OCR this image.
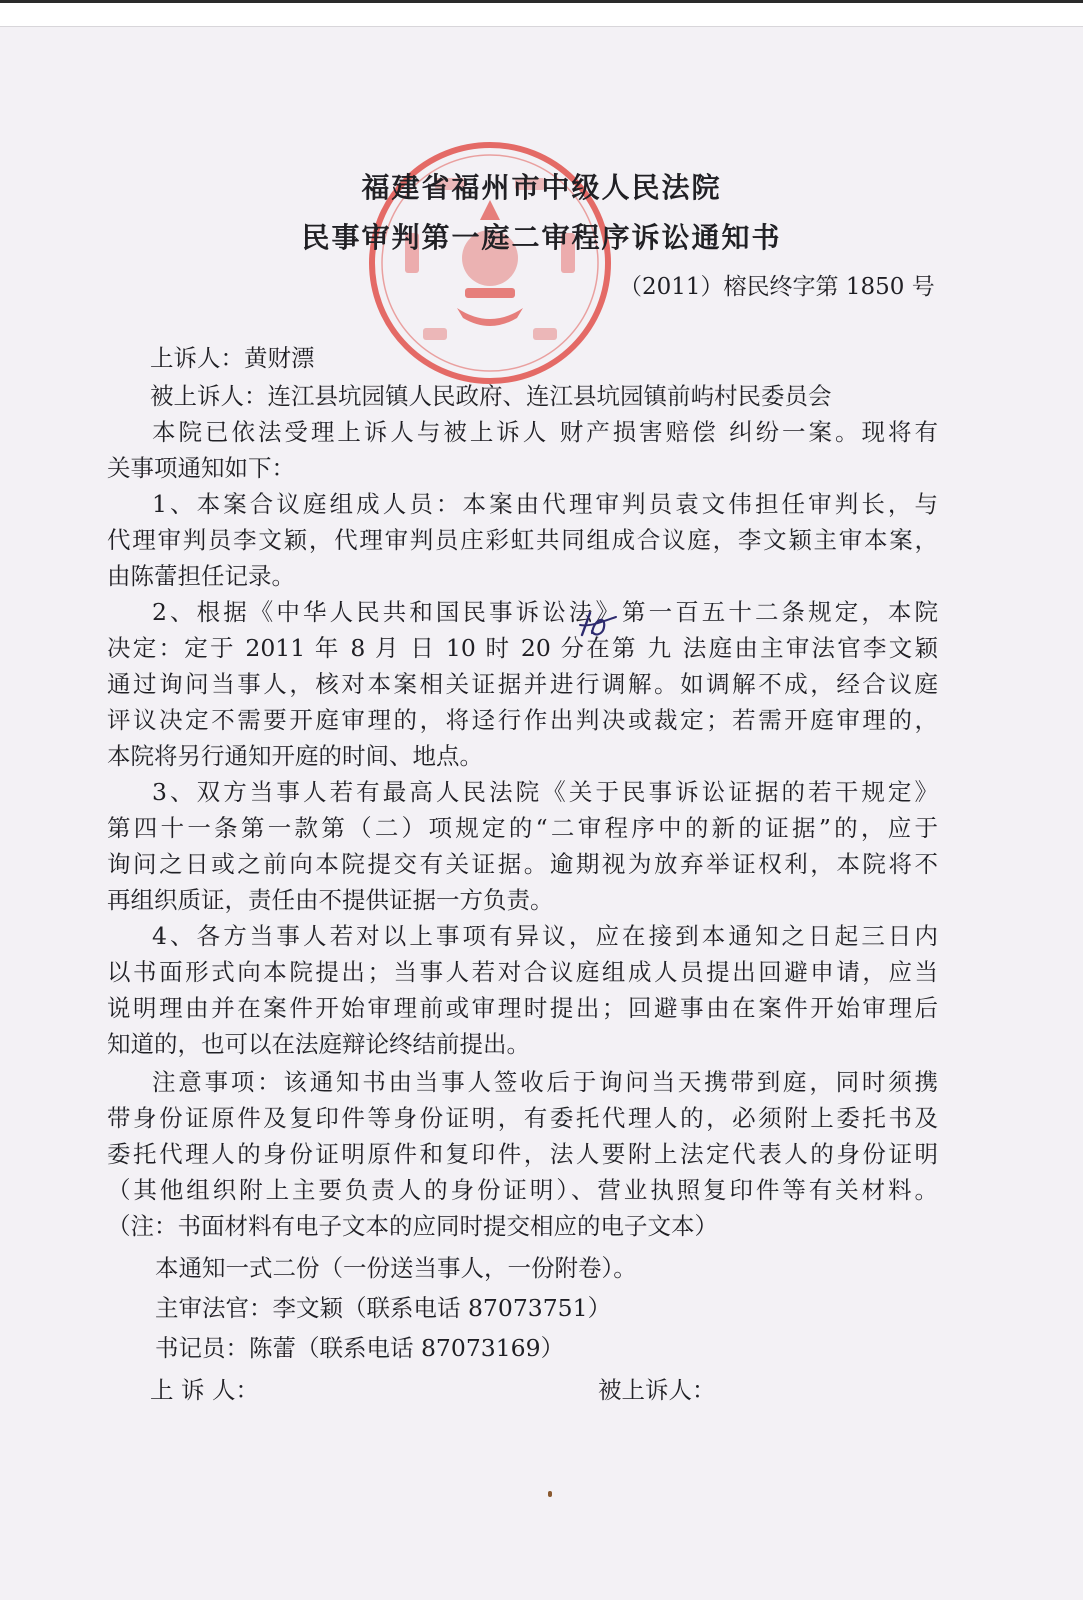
福建省福州市中级人民法院
民事审判第一庭二审程序诉讼通知书
（2011）榕民终字第 1850 号
上诉人：黄财漂
被上诉人：连江县坑园镇人民政府、连江县坑园镇前屿村民委员会
本院已依法受理上诉人与被上诉人 财产损害赔偿 纠纷一案。现将有
关事项通知如下：
1、本案合议庭组成人员：本案由代理审判员袁文伟担任审判长，与
代理审判员李文颖，代理审判员庄彩虹共同组成合议庭，李文颖主审本案，
由陈蕾担任记录。
2、根据《中华人民共和国民事诉讼法》第一百五十二条规定，本院
决定：定于 2011 年 8 月 日 10 时 20 分在第 九 法庭由主审法官李文颖
通过询问当事人，核对本案相关证据并进行调解。如调解不成，经合议庭
评议决定不需要开庭审理的，将迳行作出判决或裁定；若需开庭审理的，
本院将另行通知开庭的时间、地点。
3、双方当事人若有最高人民法院《关于民事诉讼证据的若干规定》
第四十一条第一款第（二）项规定的“二审程序中的新的证据”的，应于
询问之日或之前向本院提交有关证据。逾期视为放弃举证权利，本院将不
再组织质证，责任由不提供证据一方负责。
4、各方当事人若对以上事项有异议，应在接到本通知之日起三日内
以书面形式向本院提出；当事人若对合议庭组成人员提出回避申请，应当
说明理由并在案件开始审理前或审理时提出；回避事由在案件开始审理后
知道的，也可以在法庭辩论终结前提出。
注意事项：该通知书由当事人签收后于询问当天携带到庭，同时须携
带身份证原件及复印件等身份证明，有委托代理人的，必须附上委托书及
委托代理人的身份证明原件和复印件，法人要附上法定代表人的身份证明
（其他组织附上主要负责人的身份证明）、营业执照复印件等有关材料。
（注：书面材料有电子文本的应同时提交相应的电子文本）
本通知一式二份（一份送当事人，一份附卷）。
主审法官：李文颖（联系电话 87073751）
书记员：陈蕾（联系电话 87073169）
上 诉 人：	被上诉人：
